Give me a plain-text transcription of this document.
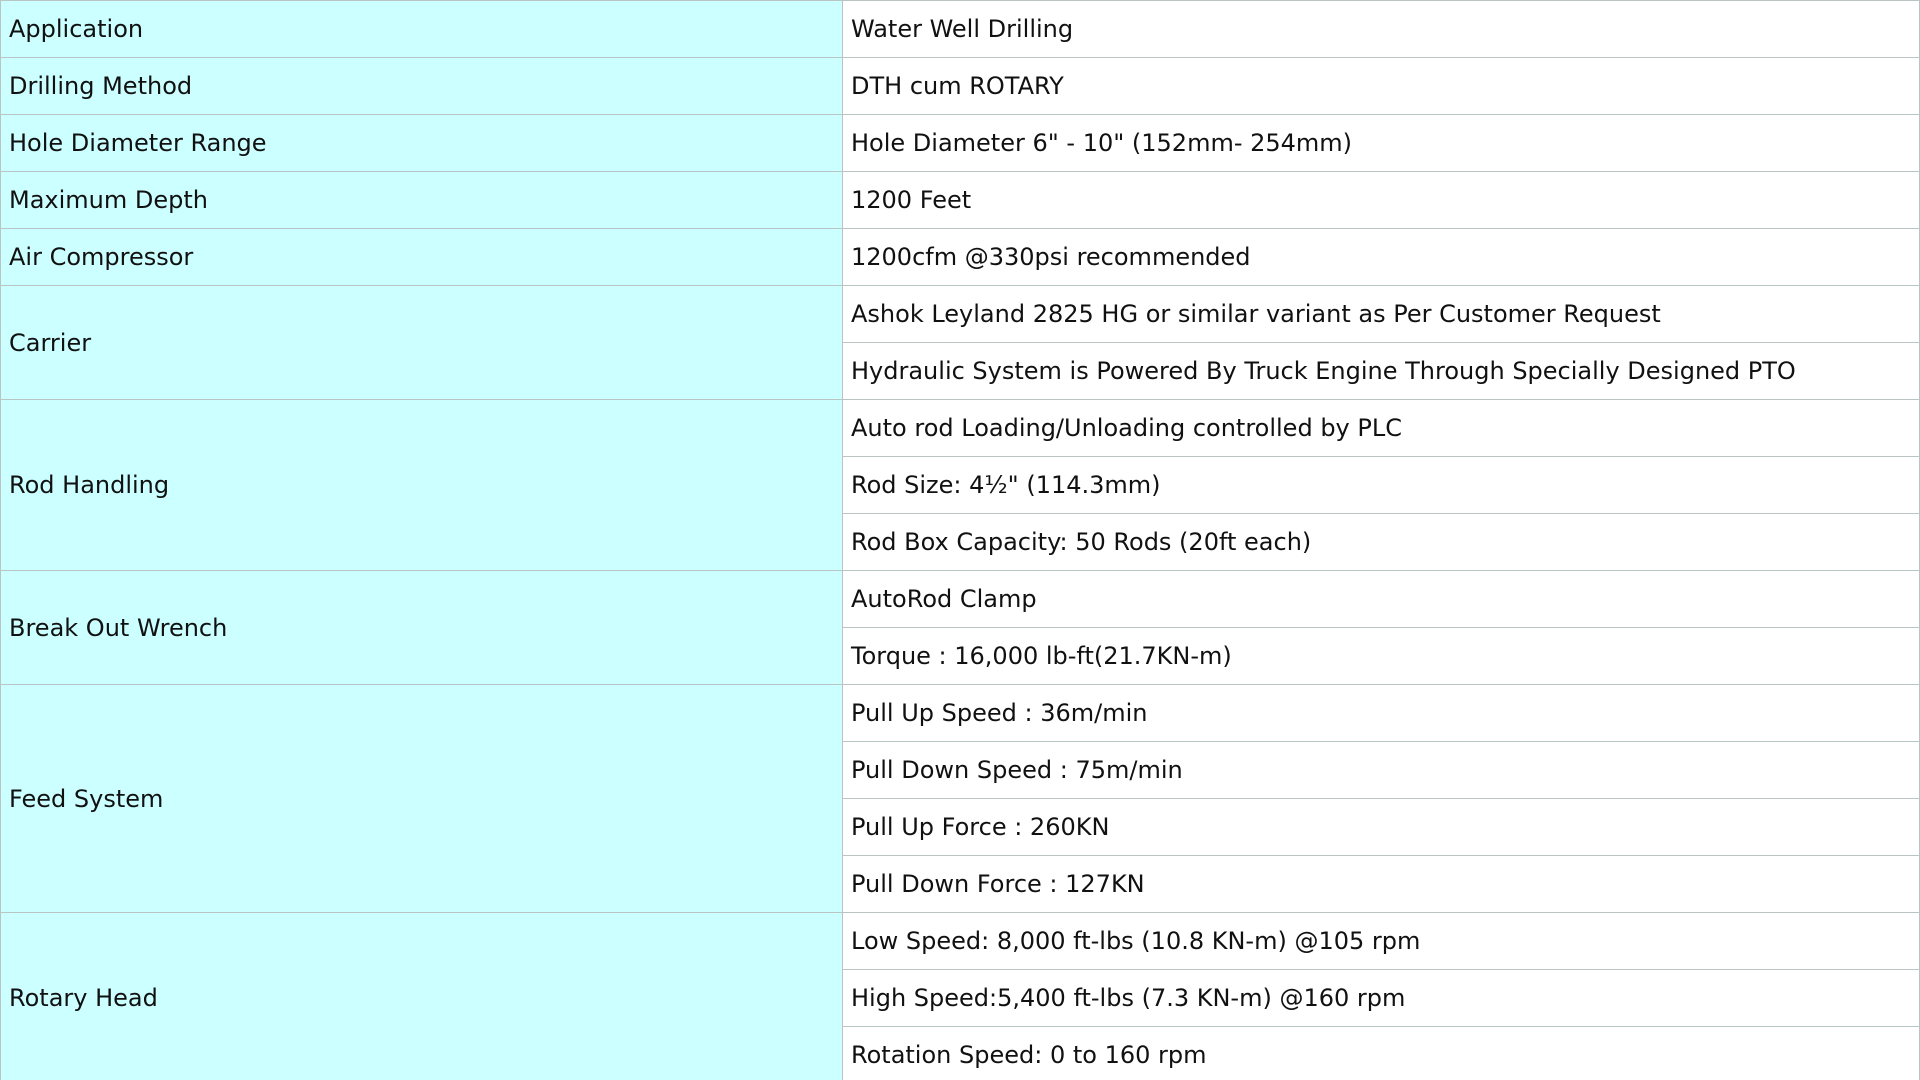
Application	Water Well Drilling
Drilling Method	DTH cum ROTARY
Hole Diameter Range	Hole Diameter 6" - 10" (152mm- 254mm)
Maximum Depth	1200 Feet
Air Compressor	1200cfm @330psi recommended
Carrier	Ashok Leyland 2825 HG or similar variant as Per Customer Request
	Hydraulic System is Powered By Truck Engine Through Specially Designed PTO
Rod Handling	Auto rod Loading/Unloading controlled by PLC
	Rod Size: 4½" (114.3mm)
	Rod Box Capacity: 50 Rods (20ft each)
Break Out Wrench	AutoRod Clamp
	Torque : 16,000 lb-ft(21.7KN-m)
Feed System	Pull Up Speed : 36m/min
	Pull Down Speed : 75m/min
	Pull Up Force : 260KN
	Pull Down Force : 127KN
Rotary Head	Low Speed: 8,000 ft-lbs (10.8 KN-m) @105 rpm
	High Speed:5,400 ft-lbs (7.3 KN-m) @160 rpm
	Rotation Speed: 0 to 160 rpm
